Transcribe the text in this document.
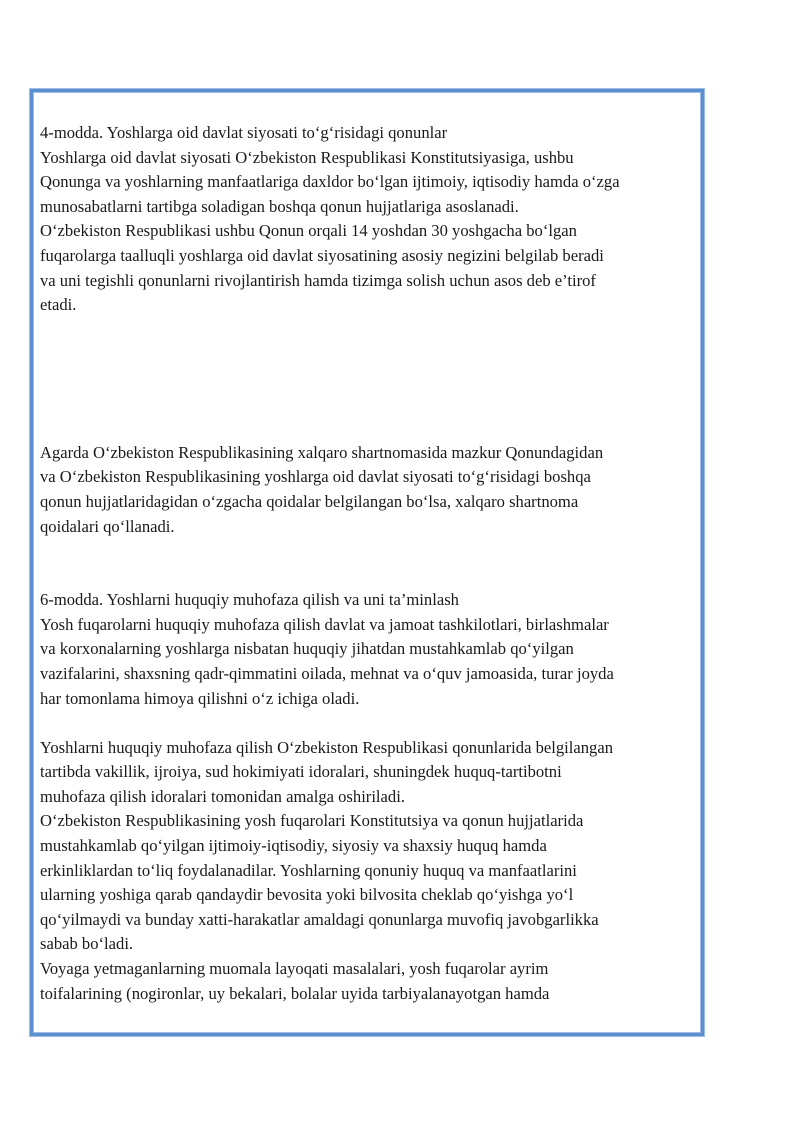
4-modda. Yoshlarga oid davlat siyosati to‘g‘risidagi qonunlar

Yoshlarga oid davlat siyosati O‘zbekiston Respublikasi Konstitutsiyasiga, ushbu
Qonunga va yoshlarning manfaatlariga daxldor bo‘lgan ijtimoiy, iqtisodiy hamda o‘zga
munosabatlarni tartibga soladigan boshqa qonun hujjatlariga asoslanadi.

O‘zbekiston Respublikasi ushbu Qonun orqali 14 yoshdan 30 yoshgacha bo‘lgan
fuqarolarga taalluqli yoshlarga oid davlat siyosatining asosiy negizini belgilab beradi
va uni tegishli qonunlarni rivojlantirish hamda tizimga solish uchun asos deb e’tirof
etadi.

Agarda O‘zbekiston Respublikasining xalqaro shartnomasida mazkur Qonundagidan
va O‘zbekiston Respublikasining yoshlarga oid davlat siyosati to‘g‘risidagi boshqa
qonun hujjatlaridagidan o‘zgacha qoidalar belgilangan bo‘lsa, xalqaro shartnoma
qoidalari qo‘llanadi.

6-modda. Yoshlarni huquqiy muhofaza qilish va uni ta’minlash

Yosh fuqarolarni huquqiy muhofaza qilish davlat va jamoat tashkilotlari, birlashmalar
va korxonalarning yoshlarga nisbatan huquqiy jihatdan mustahkamlab qo‘yilgan
vazifalarini, shaxsning qadr-qimmatini oilada, mehnat va o‘quv jamoasida, turar joyda
har tomonlama himoya qilishni o‘z ichiga oladi.

Yoshlarni huquqiy muhofaza qilish O‘zbekiston Respublikasi qonunlarida belgilangan
tartibda vakillik, ijroiya, sud hokimiyati idoralari, shuningdek huquq-tartibotni
muhofaza qilish idoralari tomonidan amalga oshiriladi.

O‘zbekiston Respublikasining yosh fuqarolari Konstitutsiya va qonun hujjatlarida
mustahkamlab qo‘yilgan ijtimoiy-iqtisodiy, siyosiy va shaxsiy huquq hamda
erkinliklardan to‘liq foydalanadilar. Yoshlarning qonuniy huquq va manfaatlarini
ularning yoshiga qarab qandaydir bevosita yoki bilvosita cheklab qo‘yishga yo‘l
qo‘yilmaydi va bunday xatti-harakatlar amaldagi qonunlarga muvofiq javobgarlikka
sabab bo‘ladi.

Voyaga yetmaganlarning muomala layoqati masalalari, yosh fuqarolar ayrim
toifalarining (nogironlar, uy bekalari, bolalar uyida tarbiyalanayotgan hamda
